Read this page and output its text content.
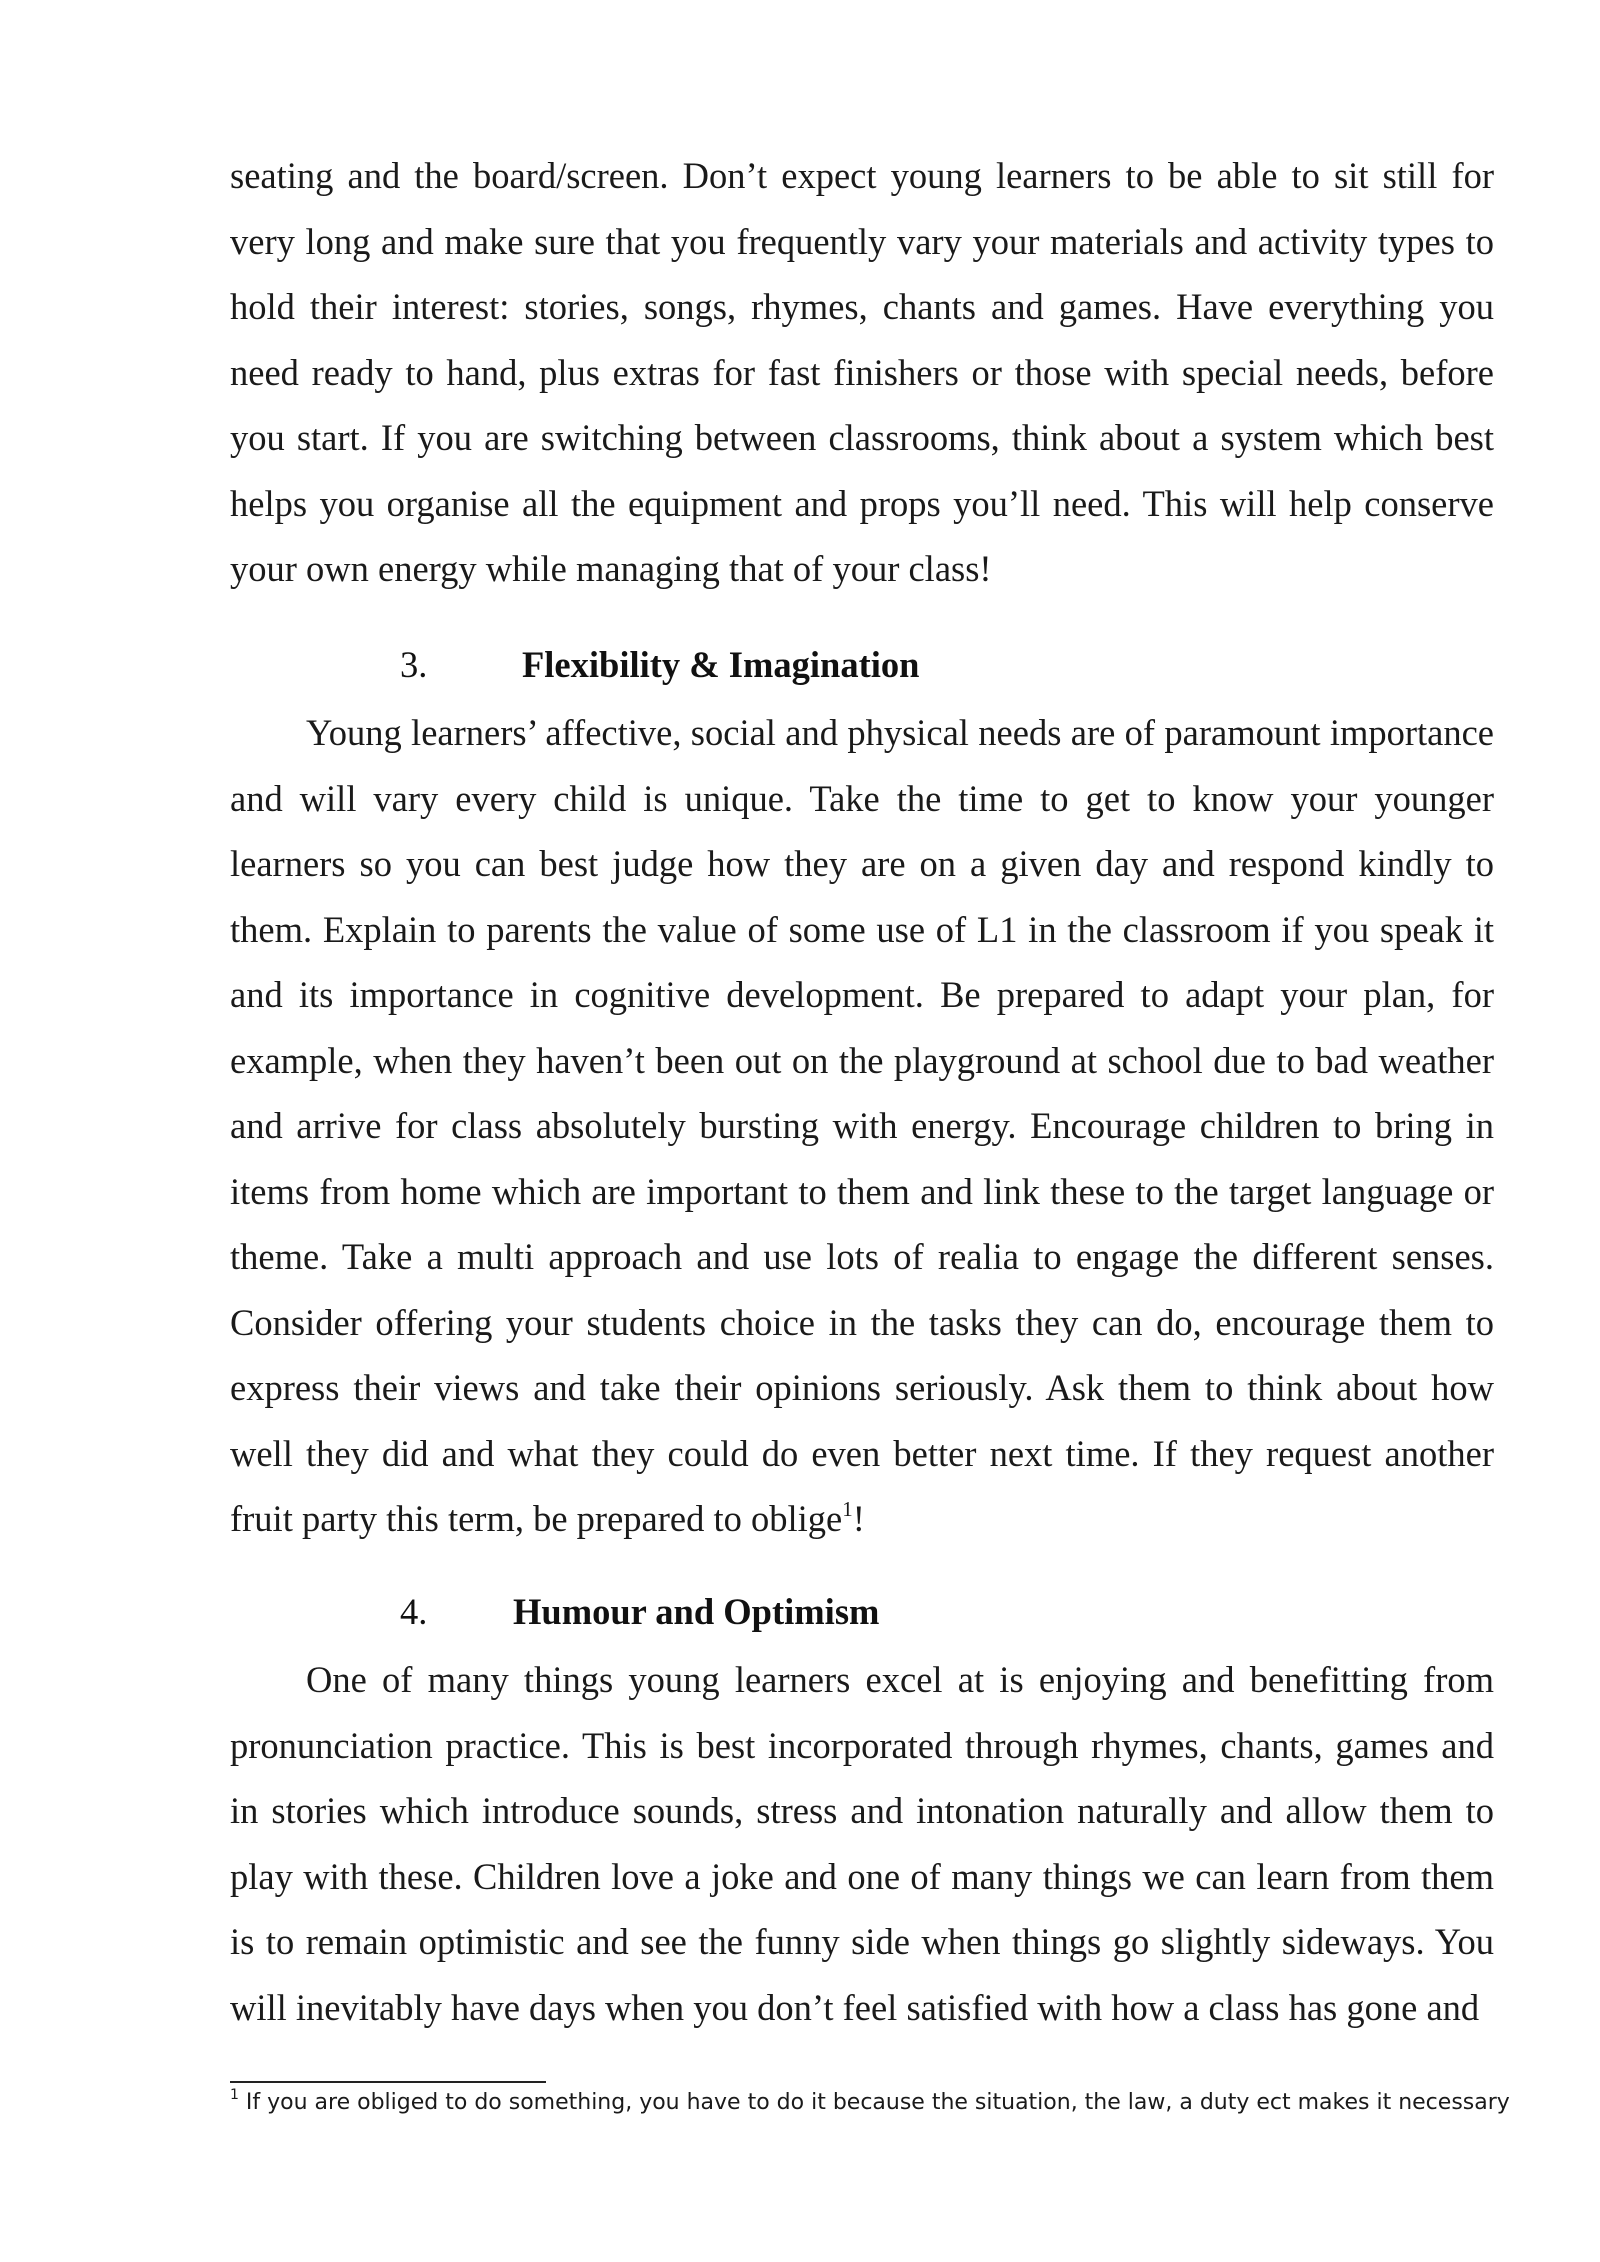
seating and the board/screen. Don’t expect young learners to be able to sit still for very long and make sure that you frequently vary your materials and activity types to hold their interest: stories, songs, rhymes, chants and games. Have everything you need ready to hand, plus extras for fast finishers or those with special needs, before you start. If you are switching between classrooms, think about a system which best helps you organise all the equipment and props you’ll need. This will help conserve your own energy while managing that of your class!

3.	Flexibility & Imagination

Young learners’ affective, social and physical needs are of paramount importance and will vary every child is unique. Take the time to get to know your younger learners so you can best judge how they are on a given day and respond kindly to them. Explain to parents the value of some use of L1 in the classroom if you speak it and its importance in cognitive development. Be prepared to adapt your plan, for example, when they haven’t been out on the playground at school due to bad weather and arrive for class absolutely bursting with energy. Encourage children to bring in items from home which are important to them and link these to the target language or theme. Take a multi approach and use lots of realia to engage the different senses. Consider offering your students choice in the tasks they can do, encourage them to express their views and take their opinions seriously. Ask them to think about how well they did and what they could do even better next time. If they request another fruit party this term, be prepared to oblige$^1$!

4. Humour and Optimism

One of many things young learners excel at is enjoying and benefitting from pronunciation practice. This is best incorporated through rhymes, chants, games and in stories which introduce sounds, stress and intonation naturally and allow them to play with these. Children love a joke and one of many things we can learn from them is to remain optimistic and see the funny side when things go slightly sideways. You will inevitably have days when you don’t feel satisfied with how a class has gone and

$^1$ If you are obliged to do something, you have to do it because the situation, the law, a duty ect makes it necessary
